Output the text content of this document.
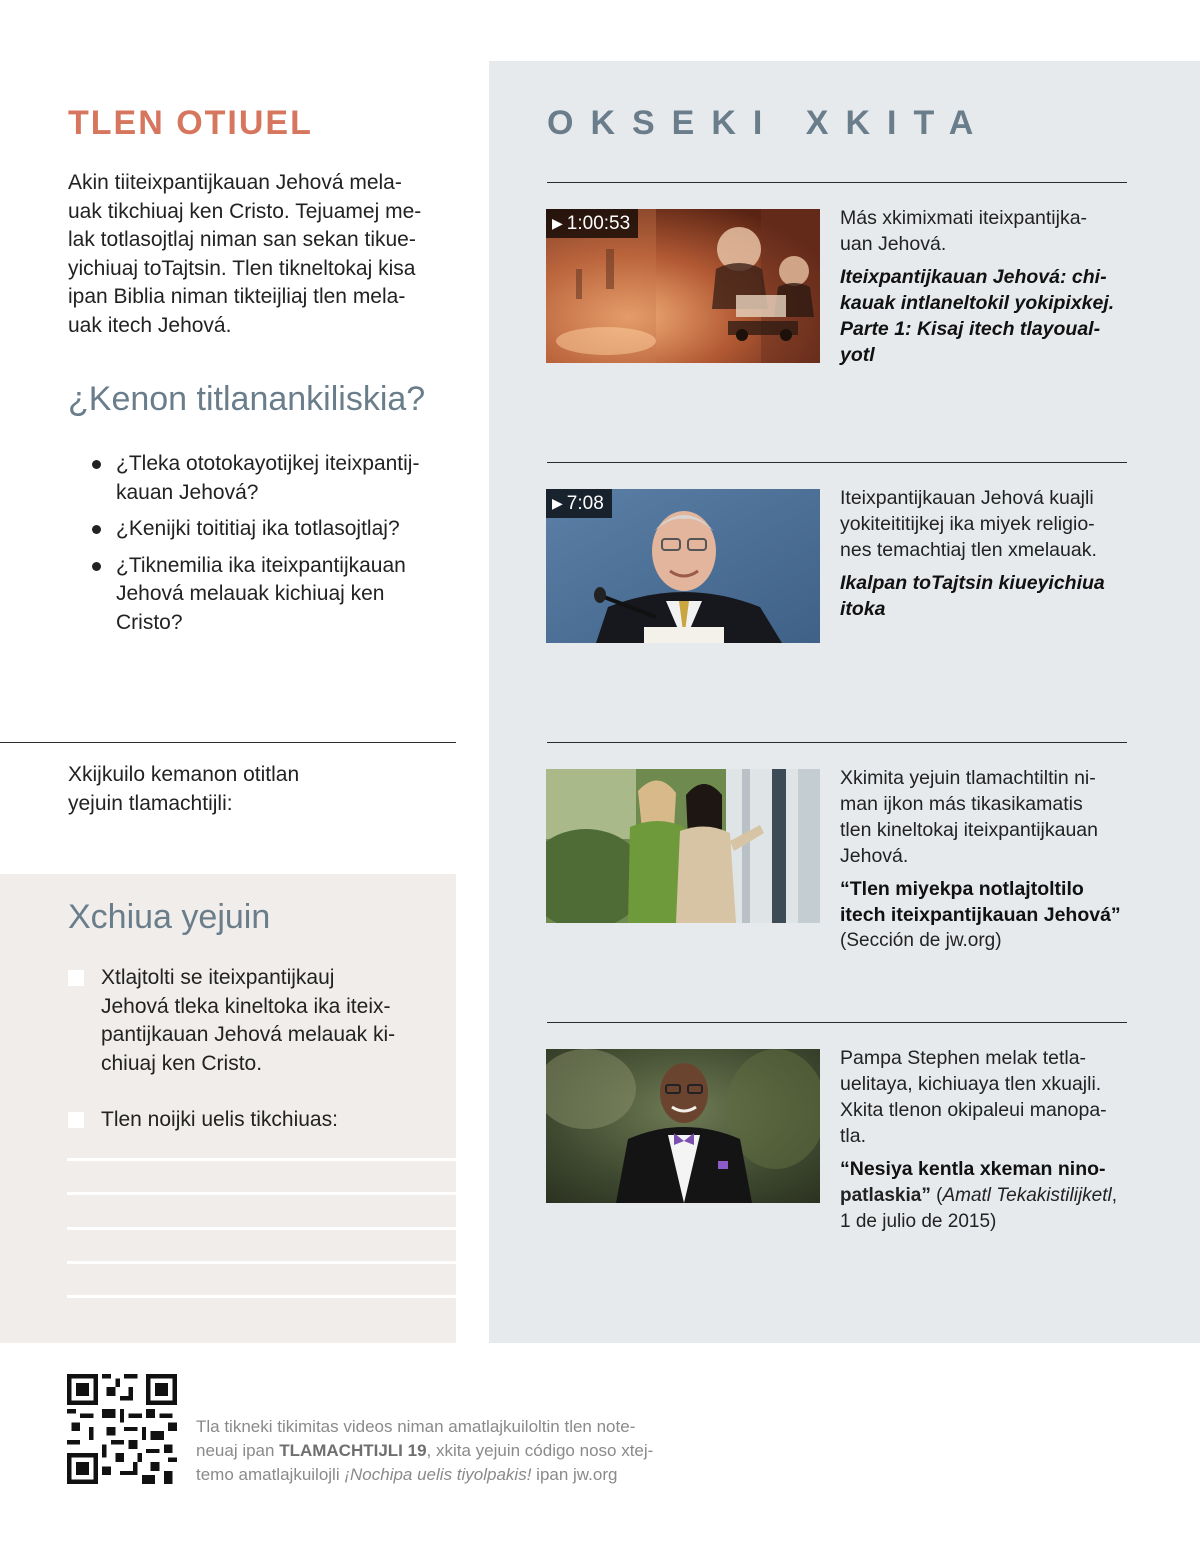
TLEN OTIUEL

Akin tiiteixpantijkauan Jehová mela-
uak tikchiuaj ken Cristo. Tejuamej me-
lak totlasojtlaj niman san sekan tikue-
yichiuaj toTajtsin. Tlen tikneltokaj kisa
ipan Biblia niman tikteijliaj tlen mela-
uak itech Jehová.

¿Kenon titlanankiliskia?
¿Tleka ototokayotijkej iteixpantij-
kauan Jehová?
¿Kenijki toititiaj ika totlasojtlaj?
¿Tiknemilia ika iteixpantijkauan
Jehová melauak kichiuaj ken
Cristo?

Xkijkuilo kemanon otitlan
yejuin tlamachtijli:

Xchiua yejuin
Xtlajtolti se iteixpantijkauj
Jehová tleka kineltoka ika iteix-
pantijkauan Jehová melauak ki-
chiuaj ken Cristo.
Tlen noijki uelis tikchiuas:
OKSEKI XKITA
▶ 1:00:53	Más xkimixmati iteixpantijka-
uan Jehová.

Iteixpantijkauan Jehová: chi-
kauak intlaneltokil yokipixkej.
Parte 1: Kisaj itech tlayoual-
yotl

▶ 7:08	Iteixpantijkauan Jehová kuajli
yokiteititijkej ika miyek religio-
nes temachtiaj tlen xmelauak.

Ikalpan toTajtsin kiueyichiua
itoka

Xkimita yejuin tlamachtiltin ni-
man ijkon más tikasikamatis
tlen kineltokaj iteixpantijkauan
Jehová.

“Tlen miyekpa notlajtoltilo
itech iteixpantijkauan Jehová”

(Sección de jw.org)

Pampa Stephen melak tetla-
uelitaya, kichiuaya tlen xkuajli.
Xkita tlenon okipaleui manopa-
tla.

“Nesiya kentla xkeman nino-
patlaskia” (Amatl Tekakistilijketl,
1 de julio de 2015)

Tla tikneki tikimitas videos niman amatlajkuiloltin tlen note-
neuaj ipan TLAMACHTIJLI 19, xkita yejuin código noso xtej-
temo amatlajkuilojli ¡Nochipa uelis tiyolpakis! ipan jw.org
